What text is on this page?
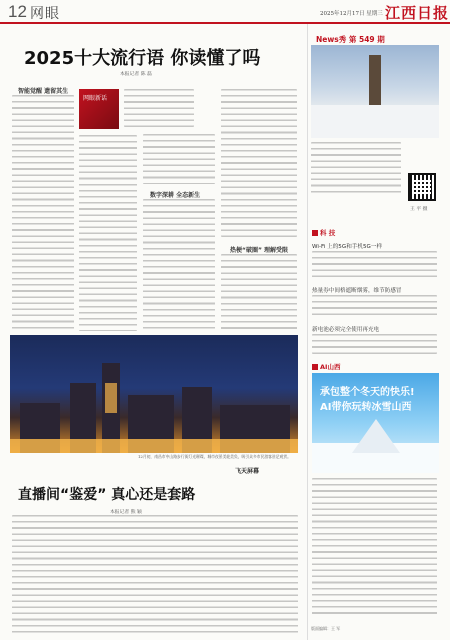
12 网眼	2025年12月17日 星期三 江西日报
2025十大流行语 你读懂了吗
本报记者 陈 磊
网眼新话
智能觉醒 遗留其生
数字深耕 全态新生
热梗“破圈” 理解受限
12月初，南昌市中山路步行街灯光璀璨，城市夜景美轮美奂，吸引众多市民游客驻足观赏。
飞天屏幕
直播间“鉴爱” 真心还是套路
本报记者 熊 颖
News秀 第 549 期
王 平 摄
科 技
Wi-Fi 上的5G和手机5G一样
热量券中间格遮断烟雾，维节防感冒
新电池必须完全使用再充电
AI山西
承包整个冬天的快乐!
AI带你玩转冰雪山西
版面编辑：王 军
